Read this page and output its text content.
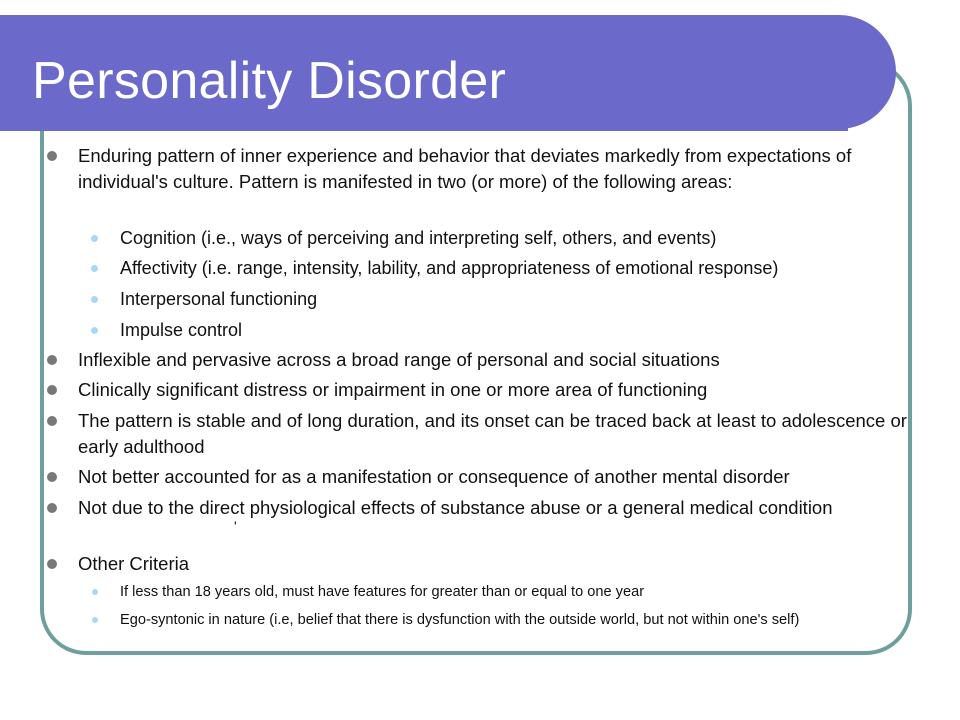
Personality Disorder
Enduring pattern of inner experience and behavior that deviates markedly from expectations of individual's culture. Pattern is manifested in two (or more) of the following areas:
Cognition (i.e., ways of perceiving and interpreting self, others, and events)
Affectivity (i.e. range, intensity, lability, and appropriateness of emotional response)
Interpersonal functioning
Impulse control
Inflexible and pervasive across a broad range of personal and social situations
Clinically significant distress or impairment in one or more area of functioning
The pattern is stable and of long duration, and its onset can be traced back at least to adolescence or early adulthood
Not better accounted for as a manifestation or consequence of another mental disorder
Not due to the direct physiological effects of substance abuse or a general medical condition
'
Other Criteria
If less than 18 years old, must have features for greater than or equal to one year
Ego-syntonic in nature (i.e, belief that there is dysfunction with the outside world, but not within one's self)
